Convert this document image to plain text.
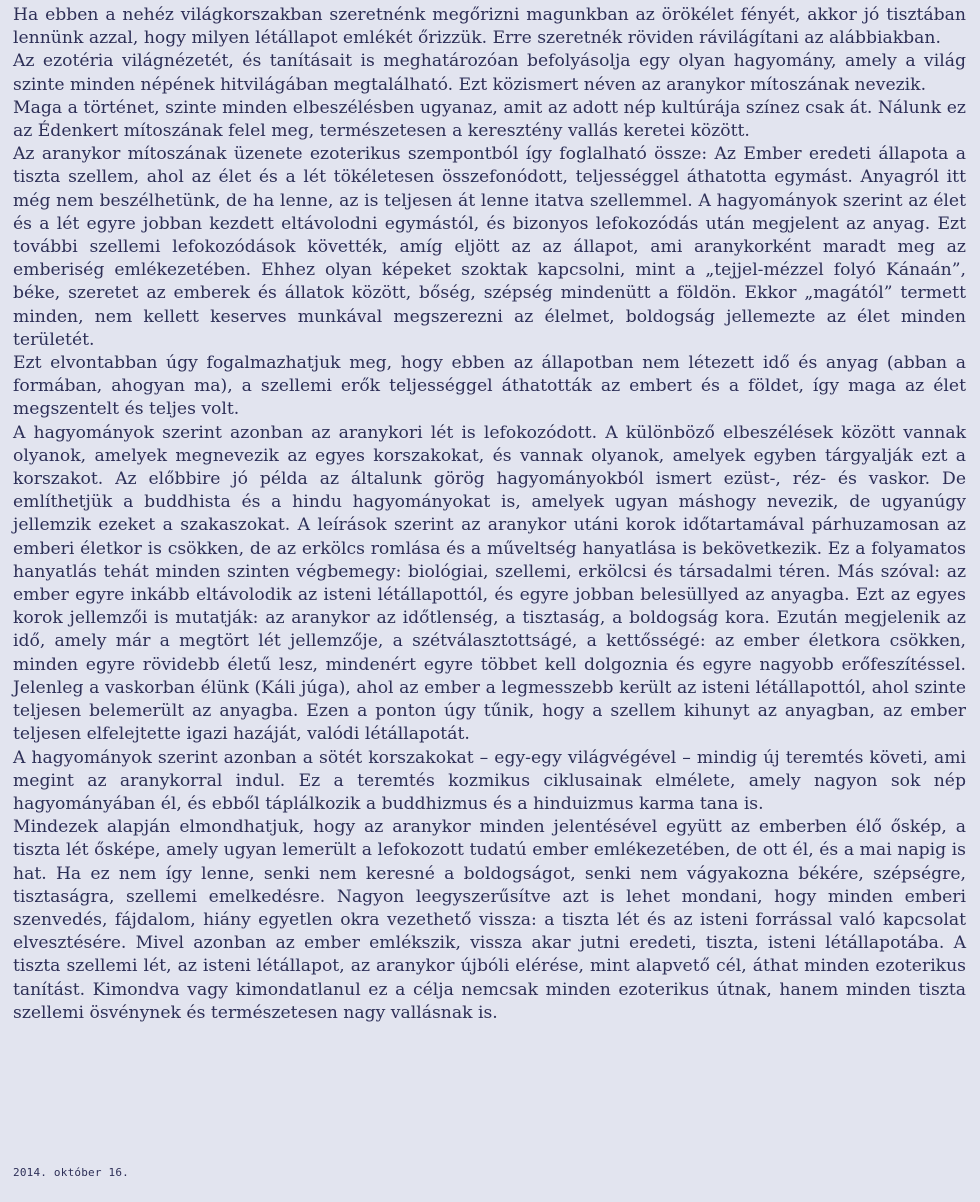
Ha ebben a nehéz világkorszakban szeretnénk megőrizni magunkban az örökélet fényét, akkor jó tisztában lennünk azzal, hogy milyen létállapot emlékét őrizzük. Erre szeretnék röviden rávilágítani az alábbiakban.

Az ezotéria világnézetét, és tanításait is meghatározóan befolyásolja egy olyan hagyomány, amely a világ szinte minden népének hitvilágában megtalálható. Ezt közismert néven az aranykor mítoszának nevezik.

Maga a történet, szinte minden elbeszélésben ugyanaz, amit az adott nép kultúrája színez csak át. Nálunk ez az Édenkert mítoszának felel meg, természetesen a keresztény vallás keretei között.

Az aranykor mítoszának üzenete ezoterikus szempontból így foglalható össze: Az Ember eredeti állapota a tiszta szellem, ahol az élet és a lét tökéletesen összefonódott, teljességgel áthatotta egymást. Anyagról itt még nem beszélhetünk, de ha lenne, az is teljesen át lenne itatva szellemmel. A hagyományok szerint az élet és a lét egyre jobban kezdett eltávolodni egymástól, és bizonyos lefokozódás után megjelent az anyag. Ezt további szellemi lefokozódások követték, amíg eljött az az állapot, ami aranykorként maradt meg az emberiség emlékezetében. Ehhez olyan képeket szoktak kapcsolni, mint a „tejjel-mézzel folyó Kánaán”, béke, szeretet az emberek és állatok között, bőség, szépség mindenütt a földön. Ekkor „magától” termett minden, nem kellett keserves munkával megszerezni az élelmet, boldogság jellemezte az élet minden területét.

Ezt elvontabban úgy fogalmazhatjuk meg, hogy ebben az állapotban nem létezett idő és anyag (abban a formában, ahogyan ma), a szellemi erők teljességgel áthatották az embert és a földet, így maga az élet megszentelt és teljes volt.

A hagyományok szerint azonban az aranykori lét is lefokozódott. A különböző elbeszélések között vannak olyanok, amelyek megnevezik az egyes korszakokat, és vannak olyanok, amelyek egyben tárgyalják ezt a korszakot. Az előbbire jó példa az általunk görög hagyományokból ismert ezüst-, réz- és vaskor. De említhetjük a buddhista és a hindu hagyományokat is, amelyek ugyan máshogy nevezik, de ugyanúgy jellemzik ezeket a szakaszokat. A leírások szerint az aranykor utáni korok időtartamával párhuzamosan az emberi életkor is csökken, de az erkölcs romlása és a műveltség hanyatlása is bekövetkezik. Ez a folyamatos hanyatlás tehát minden szinten végbemegy: biológiai, szellemi, erkölcsi és társadalmi téren. Más szóval: az ember egyre inkább eltávolodik az isteni létállapottól, és egyre jobban belesüllyed az anyagba. Ezt az egyes korok jellemzői is mutatják: az aranykor az időtlenség, a tisztaság, a boldogság kora. Ezután megjelenik az idő, amely már a megtört lét jellemzője, a szétválasztottságé, a kettősségé: az ember életkora csökken, minden egyre rövidebb életű lesz, mindenért egyre többet kell dolgoznia és egyre nagyobb erőfeszítéssel. Jelenleg a vaskorban élünk (Káli júga), ahol az ember a legmesszebb került az isteni létállapottól, ahol szinte teljesen belemerült az anyagba. Ezen a ponton úgy tűnik, hogy a szellem kihunyt az anyagban, az ember teljesen elfelejtette igazi hazáját, valódi létállapotát.

A hagyományok szerint azonban a sötét korszakokat – egy-egy világvégével – mindig új teremtés követi, ami megint az aranykorral indul. Ez a teremtés kozmikus ciklusainak elmélete, amely nagyon sok nép hagyományában él, és ebből táplálkozik a buddhizmus és a hinduizmus karma tana is.

Mindezek alapján elmondhatjuk, hogy az aranykor minden jelentésével együtt az emberben élő őskép, a tiszta lét ősképe, amely ugyan lemerült a lefokozott tudatú ember emlékezetében, de ott él, és a mai napig is hat. Ha ez nem így lenne, senki nem keresné a boldogságot, senki nem vágyakozna békére, szépségre, tisztaságra, szellemi emelkedésre. Nagyon leegyszerűsítve azt is lehet mondani, hogy minden emberi szenvedés, fájdalom, hiány egyetlen okra vezethető vissza: a tiszta lét és az isteni forrással való kapcsolat elvesztésére. Mivel azonban az ember emlékszik, vissza akar jutni eredeti, tiszta, isteni létállapotába. A tiszta szellemi lét, az isteni létállapot, az aranykor újbóli elérése, mint alapvető cél, áthat minden ezoterikus tanítást. Kimondva vagy kimondatlanul ez a célja nemcsak minden ezoterikus útnak, hanem minden tiszta szellemi ösvénynek és természetesen nagy vallásnak is.

2014. október 16.
